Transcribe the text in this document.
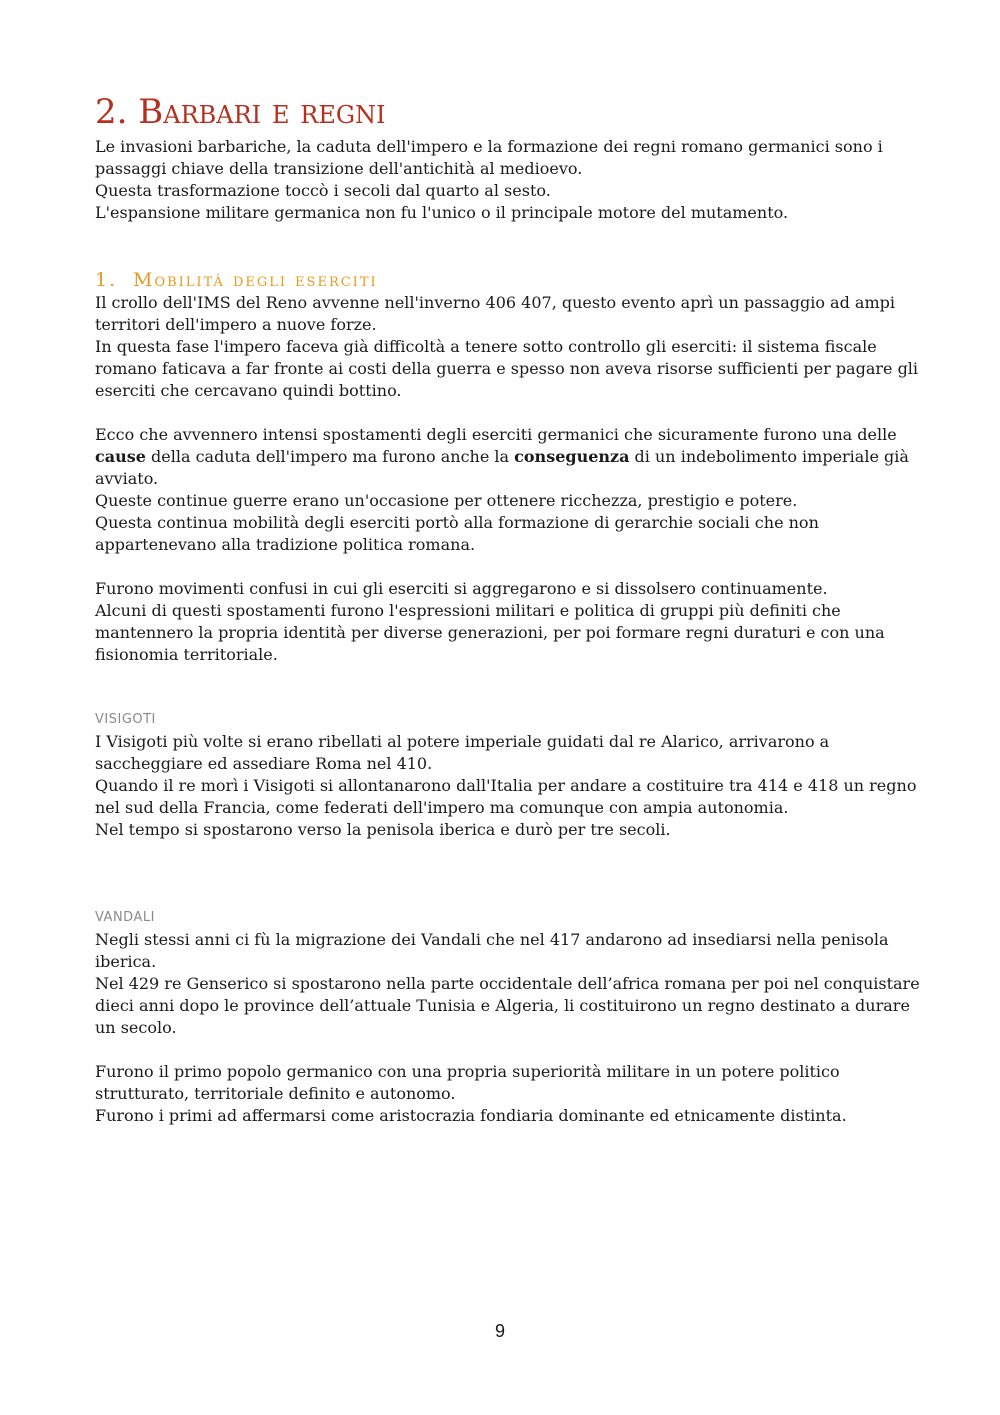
2. Barbari e regni

Le invasioni barbariche, la caduta dell'impero e la formazione dei regni romano germanici sono i passaggi chiave della transizione dell'antichità al medioevo.

Questa trasformazione toccò i secoli dal quarto al sesto.

L'espansione militare germanica non fu l'unico o il principale motore del mutamento.

1. Mobilità degli eserciti

Il crollo dell'IMS del Reno avvenne nell'inverno 406 407, questo evento aprì un passaggio ad ampi territori dell'impero a nuove forze.

In questa fase l'impero faceva già difficoltà a tenere sotto controllo gli eserciti: il sistema fiscale romano faticava a far fronte ai costi della guerra e spesso non aveva risorse sufficienti per pagare gli eserciti che cercavano quindi bottino.

Ecco che avvennero intensi spostamenti degli eserciti germanici che sicuramente furono una delle cause della caduta dell'impero ma furono anche la conseguenza di un indebolimento imperiale già avviato.

Queste continue guerre erano un'occasione per ottenere ricchezza, prestigio e potere.

Questa continua mobilità degli eserciti portò alla formazione di gerarchie sociali che non appartenevano alla tradizione politica romana.

Furono movimenti confusi in cui gli eserciti si aggregarono e si dissolsero continuamente.

Alcuni di questi spostamenti furono l'espressioni militari e politica di gruppi più definiti che mantennero la propria identità per diverse generazioni, per poi formare regni duraturi e con una fisionomia territoriale.

VISIGOTI

I Visigoti più volte si erano ribellati al potere imperiale guidati dal re Alarico, arrivarono a saccheggiare ed assediare Roma nel 410.

Quando il re morì i Visigoti si allontanarono dall'Italia per andare a costituire tra 414 e 418 un regno nel sud della Francia, come federati dell'impero ma comunque con ampia autonomia.

Nel tempo si spostarono verso la penisola iberica e durò per tre secoli.

VANDALI

Negli stessi anni ci fù la migrazione dei Vandali che nel 417 andarono ad insediarsi nella penisola iberica.

Nel 429 re Genserico si spostarono nella parte occidentale dell’africa romana per poi nel conquistare dieci anni dopo le province dell’attuale Tunisia e Algeria, li costituirono un regno destinato a durare un secolo.

Furono il primo popolo germanico con una propria superiorità militare in un potere politico strutturato, territoriale definito e autonomo.

Furono i primi ad affermarsi come aristocrazia fondiaria dominante ed etnicamente distinta.

9
